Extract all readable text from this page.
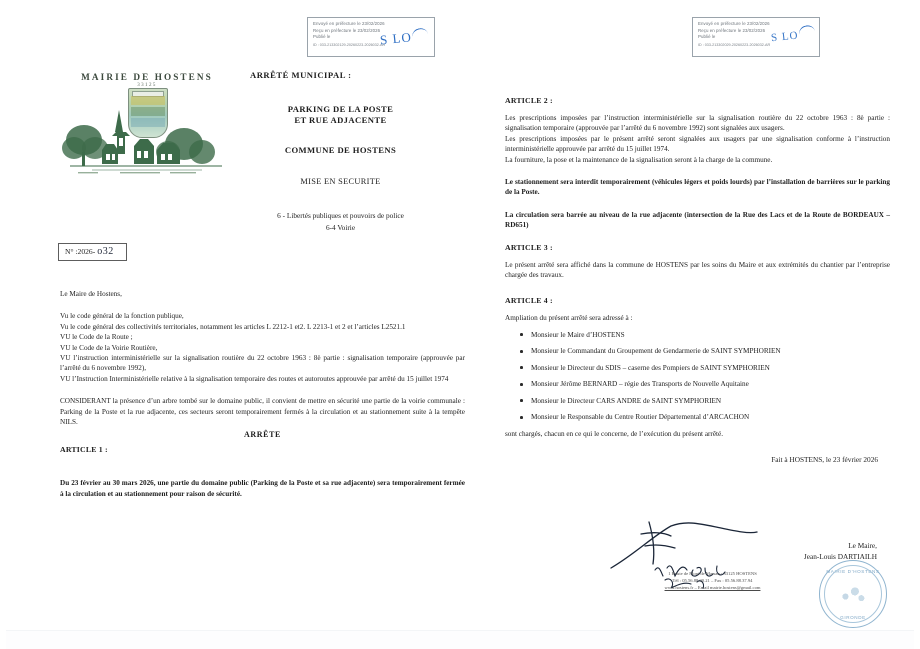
Envoyé en préfecture le 23/02/2026
Reçu en préfecture le 23/02/2026
Publié le
ID : 033-213302129-20260223-2026032-AR
S LO
Envoyé en préfecture le 23/02/2026
Reçu en préfecture le 23/02/2026
Publié le
ID : 033-213302029-20260223-2026032-AR
S LO
MAIRIE DE HOSTENS
33125
ARRÊTÉ MUNICIPAL :
PARKING DE LA POSTE
ET RUE ADJACENTE
COMMUNE DE HOSTENS
MISE EN SECURITE
6 - Libertés publiques et pouvoirs de police
6-4 Voirie
N° :2026- o32

Le Maire de Hostens,

Vu le code général de la fonction publique,

Vu le code général des collectivités territoriales, notamment les articles L 2212-1 et2. L 2213-1 et 2 et l’articles L2521.1

VU le Code de la Route ;

VU le Code de la Voirie Routière,

VU l’instruction interministérielle sur la signalisation routière du 22 octobre 1963 : 8è partie : signalisation temporaire (approuvée par l’arrêté du 6 novembre 1992),

VU l’Instruction Interministérielle relative à la signalisation temporaire des routes et autoroutes approuvée par arrêté du 15 juillet 1974

CONSIDERANT la présence d’un arbre tombé sur le domaine public, il convient de mettre en sécurité une partie de la voirie communale : Parking de la Poste et la rue adjacente, ces secteurs seront temporairement fermés à la circulation et au stationnement suite à la tempête NILS.

ARRÊTE
ARTICLE 1 :

Du 23 février au 30 mars 2026, une partie du domaine public (Parking de la Poste et sa rue adjacente) sera temporairement fermée à la circulation et au stationnement pour raison de sécurité.

ARTICLE 2 :

Les prescriptions imposées par l’instruction interministérielle sur la signalisation routière du 22 octobre 1963 : 8è partie : signalisation temporaire (approuvée par l’arrêté du 6 novembre 1992) sont signalées aux usagers.

Les prescriptions imposées par le présent arrêté seront signalées aux usagers par une signalisation conforme à l’instruction interministérielle approuvée par arrêté du 15 juillet 1974.

La fourniture, la pose et la maintenance de la signalisation seront à la charge de la commune.

Le stationnement sera interdit temporairement (véhicules légers et poids lourds) par l’installation de barrières sur le parking de la Poste.

La circulation sera barrée au niveau de la rue adjacente (intersection de la Rue des Lacs et de la Route de BORDEAUX – RD651)

ARTICLE 3 :

Le présent arrêté sera affiché dans la commune de HOSTENS par les soins du Maire et aux extrémités du chantier par l’entreprise chargée des travaux.

ARTICLE 4 :

Ampliation du présent arrêté sera adressé à :

Monsieur le Maire d’HOSTENS
Monsieur le Commandant du Groupement de Gendarmerie de SAINT SYMPHORIEN
Monsieur le Directeur du SDIS – caserne des Pompiers de SAINT SYMPHORIEN
Monsieur Jérôme BERNARD – régie des Transports de Nouvelle Aquitaine
Monsieur le Directeur CARS ANDRE de SAINT SYMPHORIEN
Monsieur le Responsable du Centre Routier Départemental d’ARCACHON

sont chargés, chacun en ce qui le concerne, de l’exécution du présent arrêté.

Fait à HOSTENS, le 23 février 2026
Le Maire,
Jean-Louis DARTIAILH
MAIRIE D’HOSTENS
GIRONDE
1 Route de Mont de Marsan - 33125 HOSTENS
Tél : 05.56.88.30.21 – Fax : 05.56.88.37.94
www.hostens.fr – Email mairie.hostens@gmail.com
